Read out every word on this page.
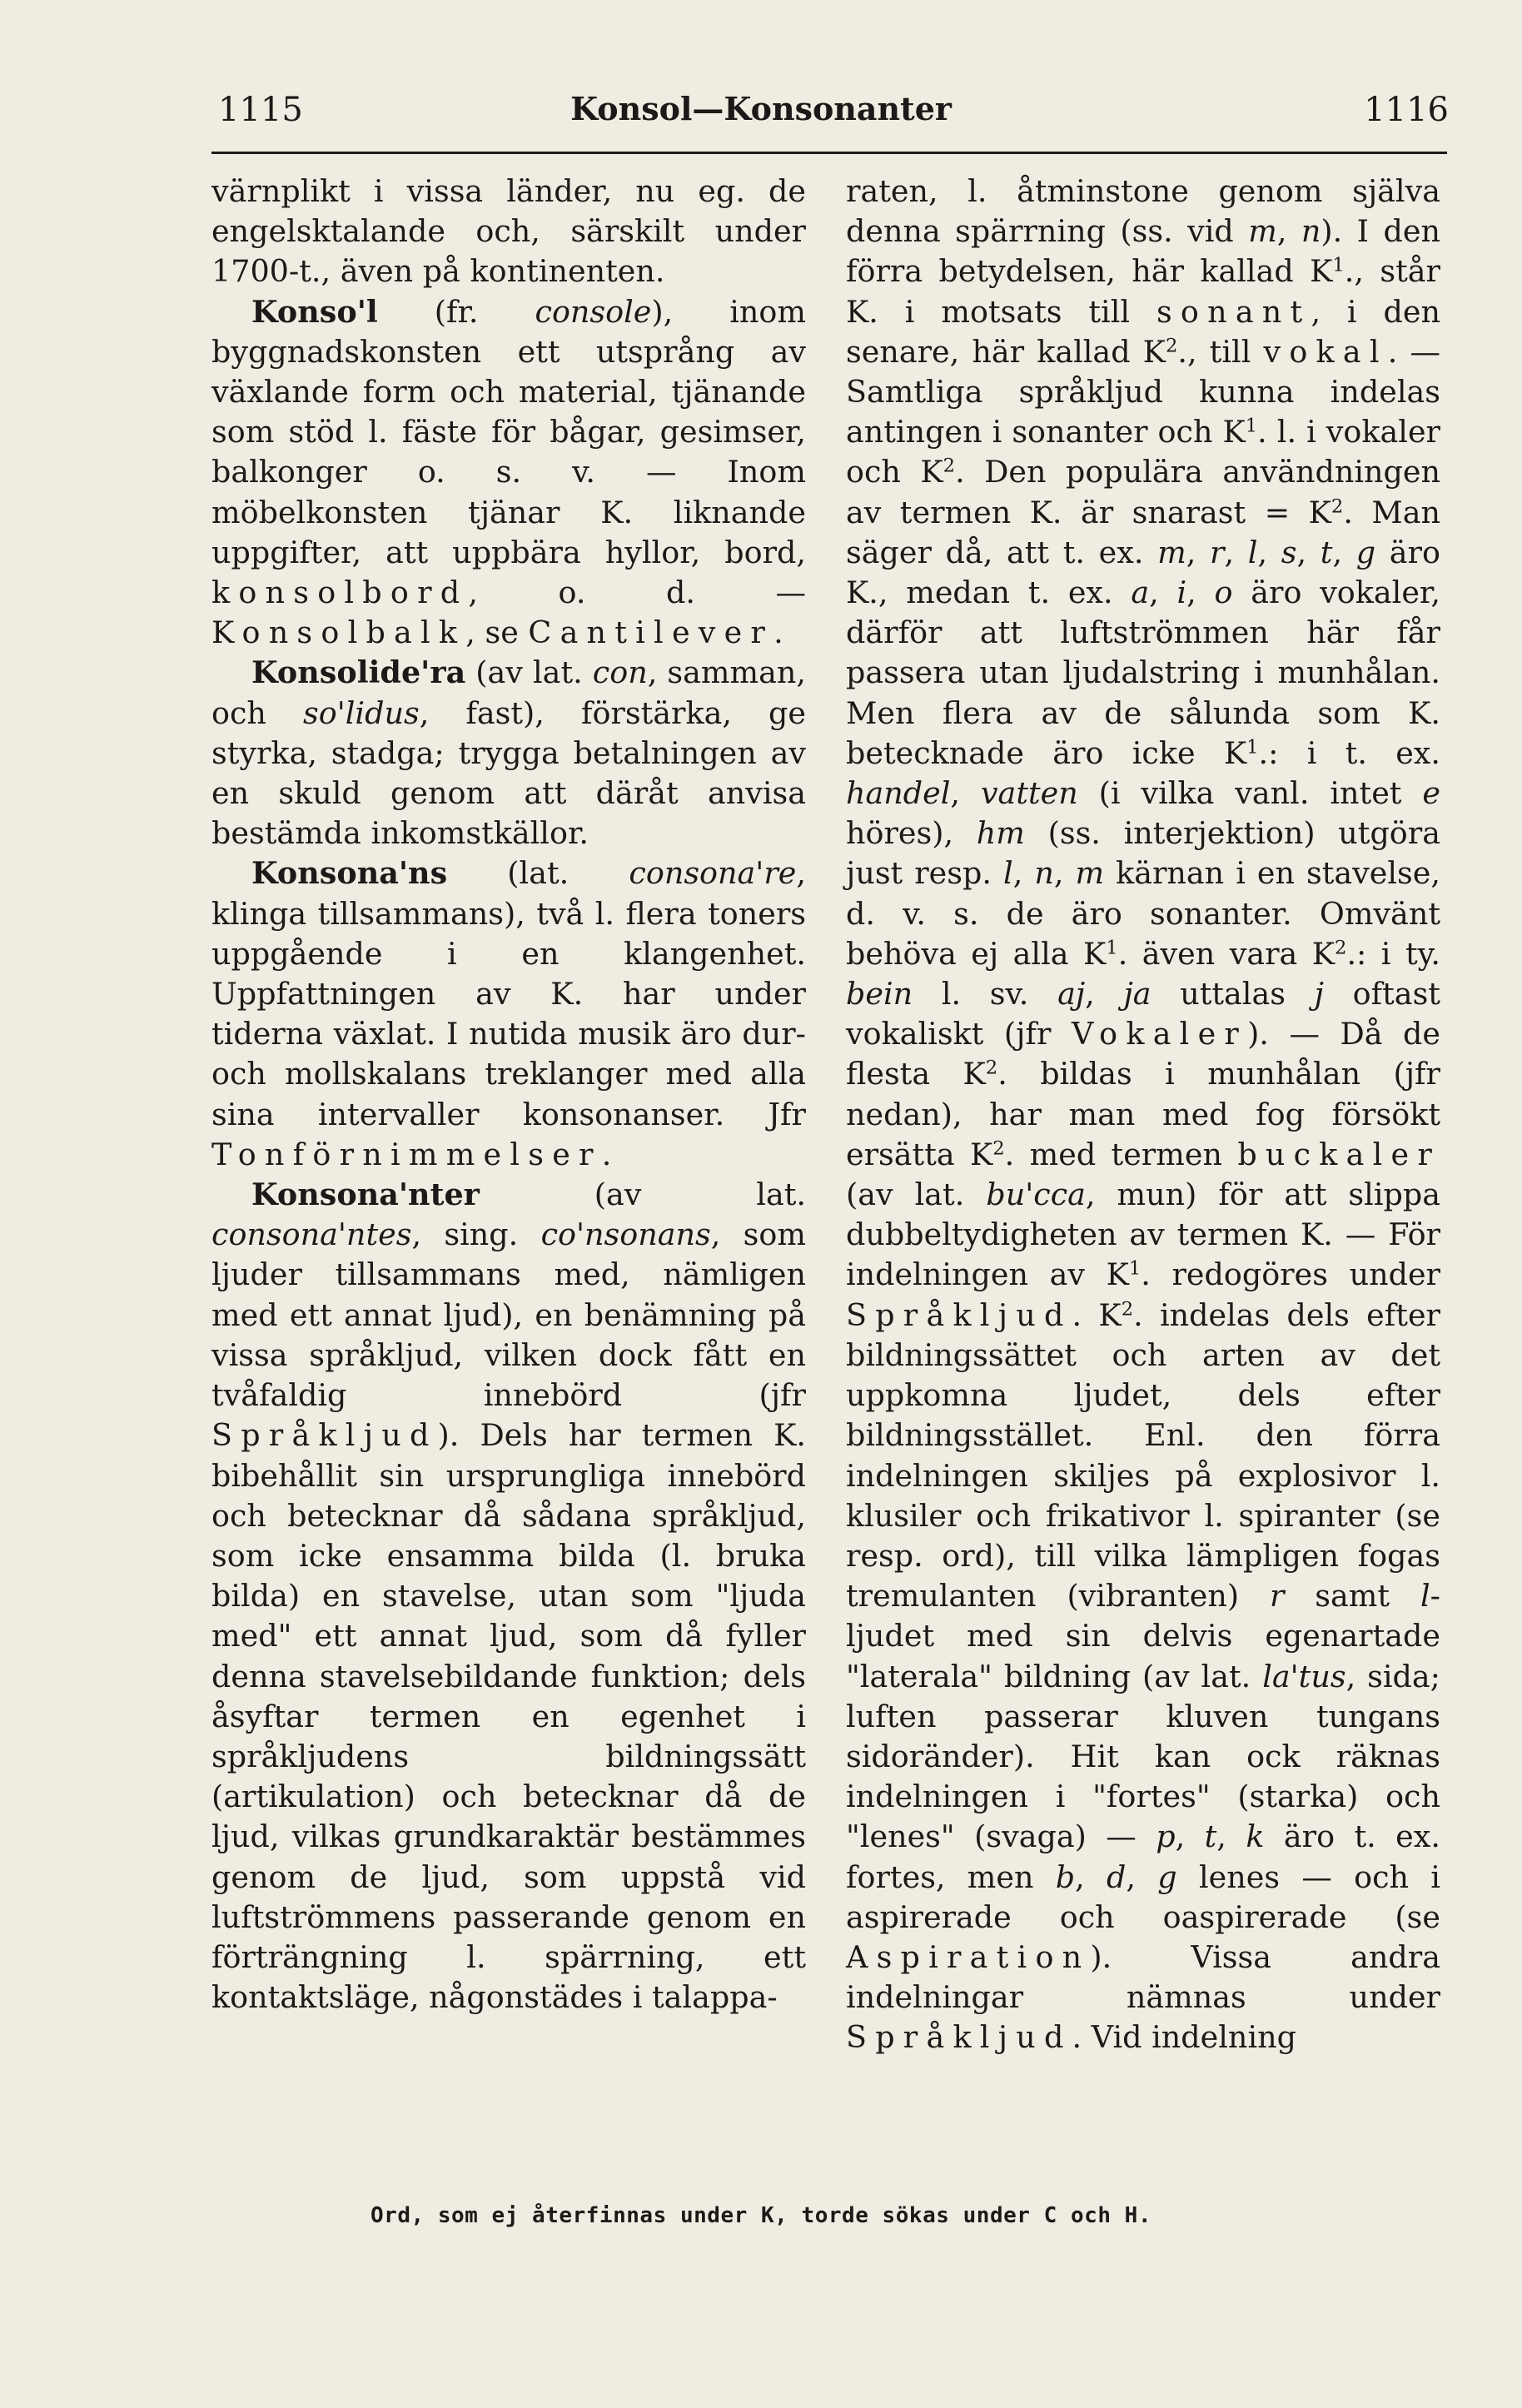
1115	Konsol—Konsonanter	1116

värnplikt i vissa länder, nu eg. de engelsktalande och, särskilt under 1700-t., även på kontinenten.

Konso'l (fr. console), inom byggnadskonsten ett utsprång av växlande form och material, tjänande som stöd l. fäste för bågar, gesimser, balkonger o. s. v. — Inom möbelkonsten tjänar K. liknande uppgifter, att uppbära hyllor, bord, konsolbord, o. d. — Konsolbalk, se Cantilever.

Konsolide'ra (av lat. con, samman, och so'lidus, fast), förstärka, ge styrka, stadga; trygga betalningen av en skuld genom att däråt anvisa bestämda inkomstkällor.

Konsona'ns (lat. consona're, klinga tillsammans), två l. flera toners uppgående i en klangenhet. Uppfattningen av K. har under tiderna växlat. I nutida musik äro dur- och mollskalans treklanger med alla sina intervaller konsonanser. Jfr Tonförnimmelser.

Konsona'nter (av lat. consona'ntes, sing. co'nsonans, som ljuder tillsammans med, nämligen med ett annat ljud), en benämning på vissa språkljud, vilken dock fått en tvåfaldig innebörd (jfr Språkljud). Dels har termen K. bibehållit sin ursprungliga innebörd och betecknar då sådana språkljud, som icke ensamma bilda (l. bruka bilda) en stavelse, utan som "ljuda med" ett annat ljud, som då fyller denna stavelsebildande funktion; dels åsyftar termen en egenhet i språkljudens bildningssätt (artikulation) och betecknar då de ljud, vilkas grundkaraktär bestämmes genom de ljud, som uppstå vid luftströmmens passerande genom en förträngning l. spärrning, ett kontaktsläge, någonstädes i talappa-

raten, l. åtminstone genom själva denna spärrning (ss. vid m, n). I den förra betydelsen, här kallad $K^1$., står K. i motsats till sonant, i den senare, här kallad $K^2$., till vokal. — Samtliga språkljud kunna indelas antingen i sonanter och $K^1$. l. i vokaler och $K^2$. Den populära användningen av termen K. är snarast = $K^2$. Man säger då, att t. ex. m, r, l, s, t, g äro K., medan t. ex. a, i, o äro vokaler, därför att luftströmmen här får passera utan ljudalstring i munhålan. Men flera av de sålunda som K. betecknade äro icke $K^1$.: i t. ex. handel, vatten (i vilka vanl. intet e höres), hm (ss. interjektion) utgöra just resp. l, n, m kärnan i en stavelse, d. v. s. de äro sonanter. Omvänt behöva ej alla $K^1$. även vara $K^2$.: i ty. bein l. sv. aj, ja uttalas j oftast vokaliskt (jfr Vokaler). — Då de flesta $K^2$. bildas i munhålan (jfr nedan), har man med fog försökt ersätta $K^2$. med termen buckaler (av lat. bu'cca, mun) för att slippa dubbeltydigheten av termen K. — För indelningen av $K^1$. redogöres under Språkljud. $K^2$. indelas dels efter bildningssättet och arten av det uppkomna ljudet, dels efter bildningsstället. Enl. den förra indelningen skiljes på explosivor l. klusiler och frikativor l. spiranter (se resp. ord), till vilka lämpligen fogas tremulanten (vibranten) r samt l-ljudet med sin delvis egenartade "laterala" bildning (av lat. la'tus, sida; luften passerar kluven tungans sidoränder). Hit kan ock räknas indelningen i "fortes" (starka) och "lenes" (svaga) — p, t, k äro t. ex. fortes, men b, d, g lenes — och i aspirerade och oaspirerade (se Aspiration). Vissa andra indelningar nämnas under Språkljud. Vid indelning

Ord, som ej återfinnas under K, torde sökas under C och H.
